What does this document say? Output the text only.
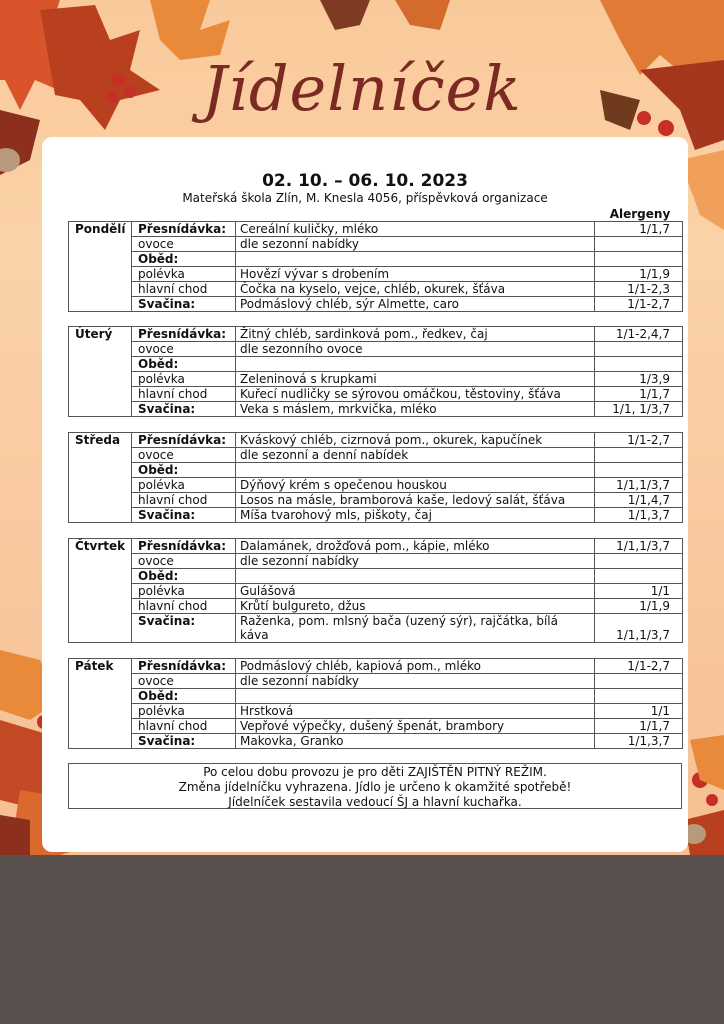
Jídelníček
02. 10. – 06. 10. 2023
Mateřská škola Zlín, M. Knesla 4056, příspěvková organizace
Alergeny
Pondělí	Přesnídávka:	Cereální kuličky, mléko	1/1,7
	ovoce	dle sezonní nabídky	
	Oběd:		
	polévka	Hovězí vývar s drobením	1/1,9
	hlavní chod	Čočka na kyselo, vejce, chléb, okurek, šťáva	1/1-2,3
	Svačina:	Podmáslový chléb, sýr Almette, caro	1/1-2,7
Úterý	Přesnídávka:	Žitný chléb, sardinková pom., ředkev, čaj	1/1-2,4,7
	ovoce	dle sezonního ovoce	
	Oběd:		
	polévka	Zeleninová s krupkami	1/3,9
	hlavní chod	Kuřecí nudličky se sýrovou omáčkou, těstoviny, šťáva	1/1,7
	Svačina:	Veka s máslem, mrkvička, mléko	1/1, 1/3,7
Středa	Přesnídávka:	Kváskový chléb, cizrnová pom., okurek, kapučínek	1/1-2,7
	ovoce	dle sezonní a denní nabídek	
	Oběd:		
	polévka	Dýňový krém s opečenou houskou	1/1,1/3,7
	hlavní chod	Losos na másle, bramborová kaše, ledový salát, šťáva	1/1,4,7
	Svačina:	Míša tvarohový mls, piškoty, čaj	1/1,3,7
Čtvrtek	Přesnídávka:	Dalamánek, drožďová pom., kápie, mléko	1/1,1/3,7
	ovoce	dle sezonní nabídky	
	Oběd:		
	polévka	Gulášová	1/1
	hlavní chod	Krůtí bulgureto, džus	1/1,9
	Svačina:	Raženka, pom. mlsný bača (uzený sýr), rajčátka, bílá káva	1/1,1/3,7
Pátek	Přesnídávka:	Podmáslový chléb, kapiová pom., mléko	1/1-2,7
	ovoce	dle sezonní nabídky	
	Oběd:		
	polévka	Hrstková	1/1
	hlavní chod	Vepřové výpečky, dušený špenát, brambory	1/1,7
	Svačina:	Makovka, Granko	1/1,3,7
Po celou dobu provozu je pro děti ZAJIŠTĚN PITNÝ REŽIM.
Změna jídelníčku vyhrazena. Jídlo je určeno k okamžité spotřebě!
Jídelníček sestavila vedoucí ŠJ a hlavní kuchařka.
